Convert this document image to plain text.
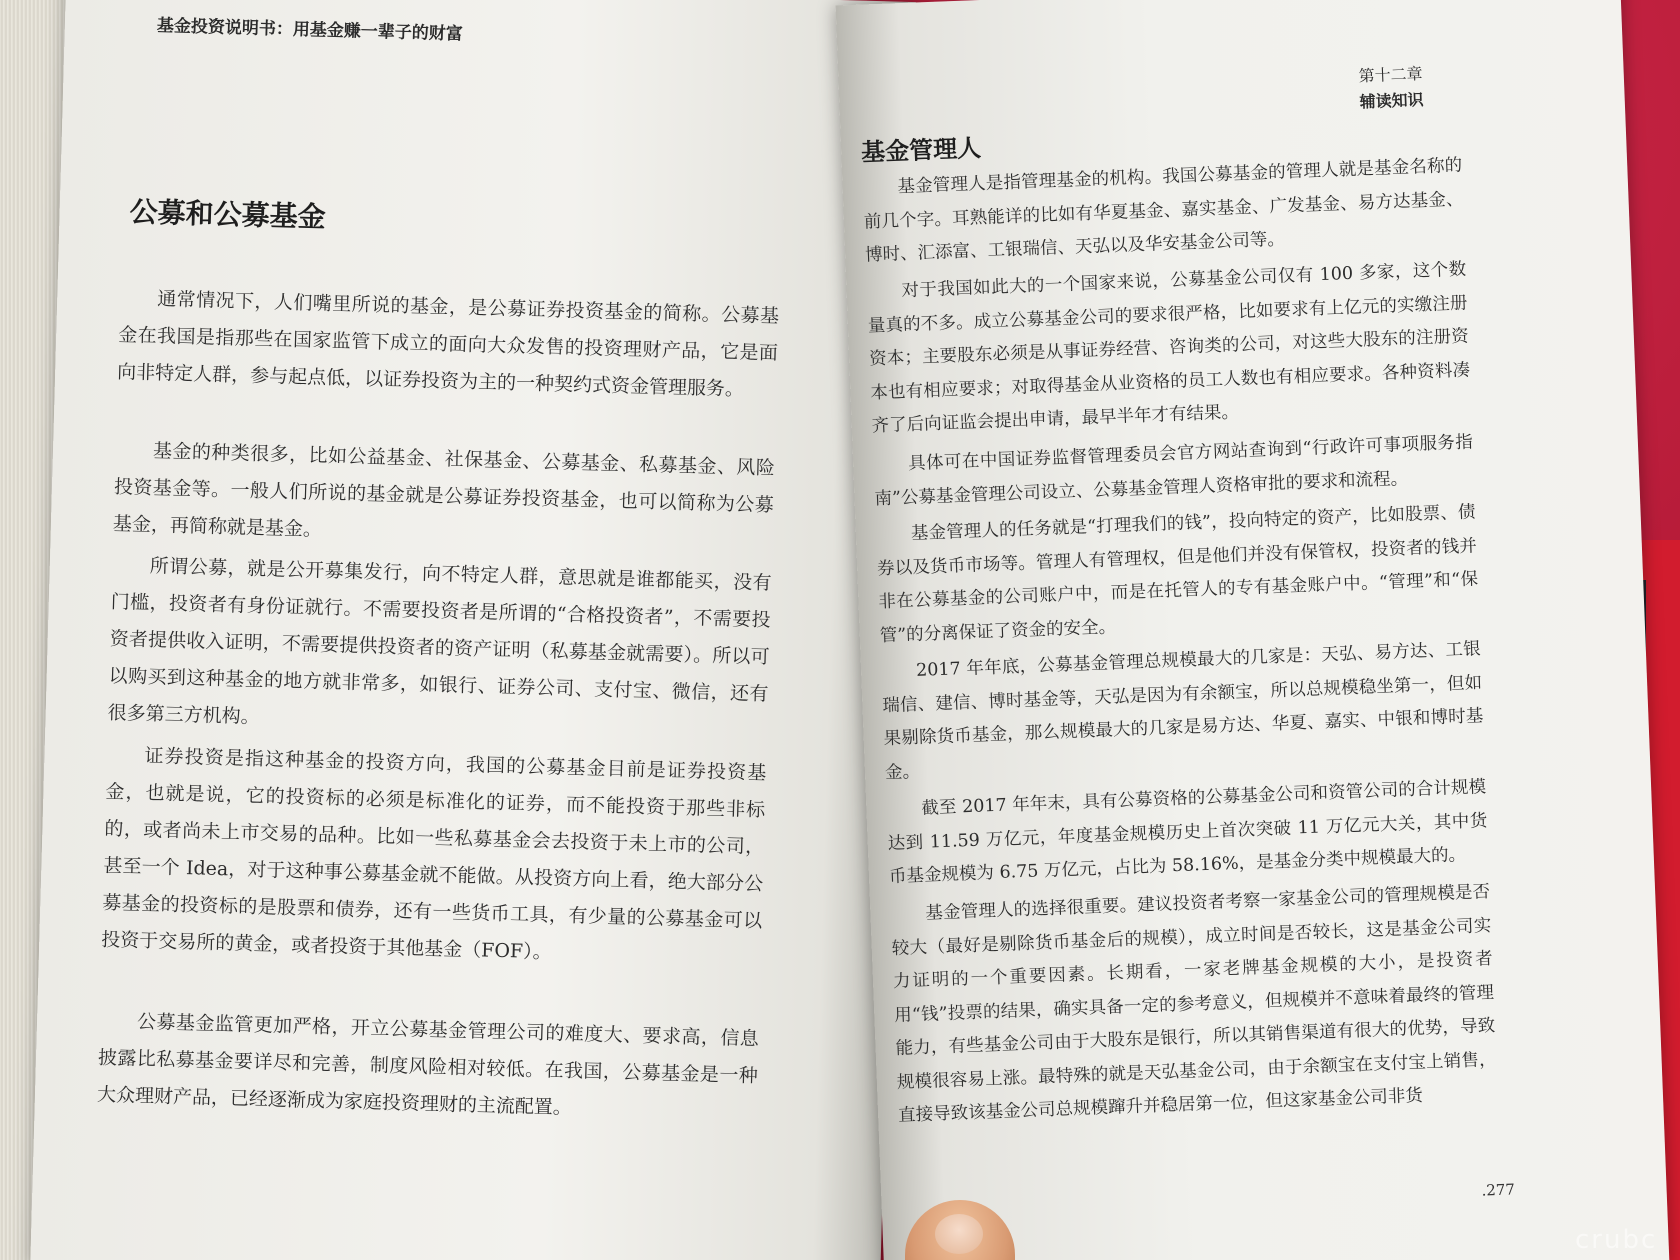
基金投资说明书：用基金赚一辈子的财富
公募和公募基金

通常情况下，人们嘴里所说的基金，是公募证券投资基金的简称。公募基金在我国是指那些在国家监管下成立的面向大众发售的投资理财产品，它是面向非特定人群，参与起点低，以证券投资为主的一种契约式资金管理服务。

基金的种类很多，比如公益基金、社保基金、公募基金、私募基金、风险投资基金等。一般人们所说的基金就是公募证券投资基金，也可以简称为公募基金，再简称就是基金。

所谓公募，就是公开募集发行，向不特定人群，意思就是谁都能买，没有门槛，投资者有身份证就行。不需要投资者是所谓的“合格投资者”，不需要投资者提供收入证明，不需要提供投资者的资产证明（私募基金就需要）。所以可以购买到这种基金的地方就非常多，如银行、证券公司、支付宝、微信，还有很多第三方机构。

证券投资是指这种基金的投资方向，我国的公募基金目前是证券投资基金，也就是说，它的投资标的必须是标准化的证券，而不能投资于那些非标的，或者尚未上市交易的品种。比如一些私募基金会去投资于未上市的公司，甚至一个 Idea，对于这种事公募基金就不能做。从投资方向上看，绝大部分公募基金的投资标的是股票和债券，还有一些货币工具，有少量的公募基金可以投资于交易所的黄金，或者投资于其他基金（FOF）。

公募基金监管更加严格，开立公募基金管理公司的难度大、要求高，信息披露比私募基金要详尽和完善，制度风险相对较低。在我国，公募基金是一种大众理财产品，已经逐渐成为家庭投资理财的主流配置。

第十二章
辅读知识
基金管理人

基金管理人是指管理基金的机构。我国公募基金的管理人就是基金名称的前几个字。耳熟能详的比如有华夏基金、嘉实基金、广发基金、易方达基金、博时、汇添富、工银瑞信、天弘以及华安基金公司等。

对于我国如此大的一个国家来说，公募基金公司仅有 100 多家，这个数量真的不多。成立公募基金公司的要求很严格，比如要求有上亿元的实缴注册资本；主要股东必须是从事证券经营、咨询类的公司，对这些大股东的注册资本也有相应要求；对取得基金从业资格的员工人数也有相应要求。各种资料凑齐了后向证监会提出申请，最早半年才有结果。

具体可在中国证券监督管理委员会官方网站查询到“行政许可事项服务指南”公募基金管理公司设立、公募基金管理人资格审批的要求和流程。

基金管理人的任务就是“打理我们的钱”，投向特定的资产，比如股票、债券以及货币市场等。管理人有管理权，但是他们并没有保管权，投资者的钱并非在公募基金的公司账户中，而是在托管人的专有基金账户中。“管理”和“保管”的分离保证了资金的安全。

2017 年年底，公募基金管理总规模最大的几家是：天弘、易方达、工银瑞信、建信、博时基金等，天弘是因为有余额宝，所以总规模稳坐第一，但如果剔除货币基金，那么规模最大的几家是易方达、华夏、嘉实、中银和博时基金。

截至 2017 年年末，具有公募资格的公募基金公司和资管公司的合计规模达到 11.59 万亿元，年度基金规模历史上首次突破 11 万亿元大关，其中货币基金规模为 6.75 万亿元，占比为 58.16%，是基金分类中规模最大的。

基金管理人的选择很重要。建议投资者考察一家基金公司的管理规模是否较大（最好是剔除货币基金后的规模），成立时间是否较长，这是基金公司实力证明的一个重要因素。长期看，一家老牌基金规模的大小，是投资者用“钱”投票的结果，确实具备一定的参考意义，但规模并不意味着最终的管理能力，有些基金公司由于大股东是银行，所以其销售渠道有很大的优势，导致规模很容易上涨。最特殊的就是天弘基金公司，由于余额宝在支付宝上销售，直接导致该基金公司总规模蹿升并稳居第一位，但这家基金公司非货

.277
crubc
